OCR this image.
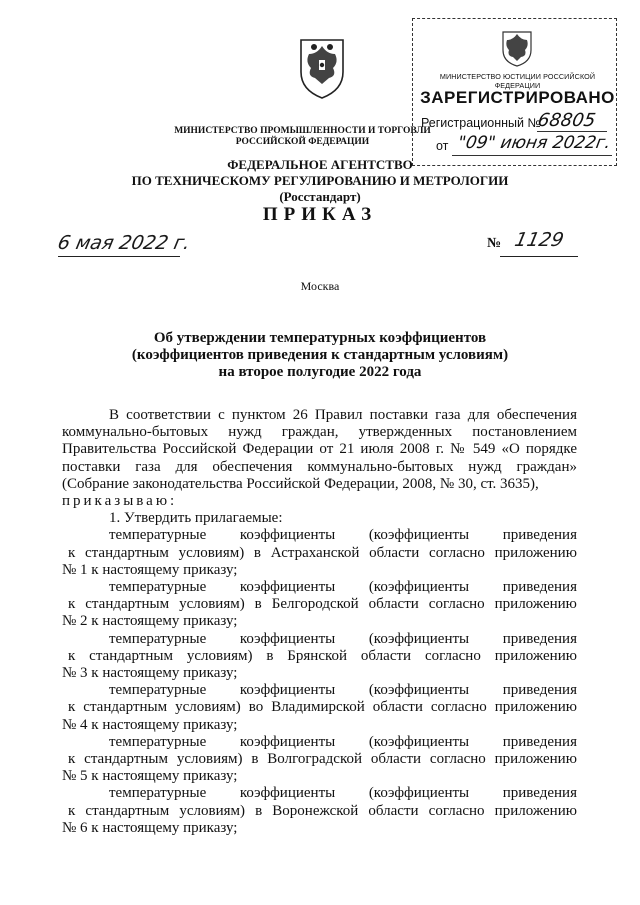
МИНИСТЕРСТВО ПРОМЫШЛЕННОСТИ И ТОРГОВЛИ
РОССИЙСКОЙ ФЕДЕРАЦИИ
ФЕДЕРАЛЬНОЕ АГЕНТСТВО
ПО ТЕХНИЧЕСКОМУ РЕГУЛИРОВАНИЮ И МЕТРОЛОГИИ
(Росстандарт)
ПРИКАЗ
6 мая 2022 г.	№ 1129
Москва
МИНИСТЕРСТВО ЮСТИЦИИ РОССИЙСКОЙ ФЕДЕРАЦИИ
ЗАРЕГИСТРИРОВАНО
Регистрационный №
68805
от "09" июня 2022г.
Об утверждении температурных коэффициентов
(коэффициентов приведения к стандартным условиям)
на второе полугодие 2022 года

В соответствии с пунктом 26 Правил поставки газа для обеспечения коммунально-бытовых нужд граждан, утвержденных постановлением Правительства Российской Федерации от 21 июля 2008 г. № 549 «О порядке поставки газа для обеспечения коммунально-бытовых нужд граждан» (Собрание законодательства Российской Федерации, 2008, № 30, ст. 3635),

приказываю:

1. Утвердить прилагаемые:

температурные коэффициенты (коэффициенты приведения
к стандартным условиям) в Астраханской области согласно приложению
№ 1 к настоящему приказу;
температурные коэффициенты (коэффициенты приведения
к стандартным условиям) в Белгородской области согласно приложению
№ 2 к настоящему приказу;
температурные коэффициенты (коэффициенты приведения
к стандартным условиям) в Брянской области согласно приложению
№ 3 к настоящему приказу;
температурные коэффициенты (коэффициенты приведения
к стандартным условиям) во Владимирской области согласно приложению
№ 4 к настоящему приказу;
температурные коэффициенты (коэффициенты приведения
к стандартным условиям) в Волгоградской области согласно приложению
№ 5 к настоящему приказу;
температурные коэффициенты (коэффициенты приведения
к стандартным условиям) в Воронежской области согласно приложению
№ 6 к настоящему приказу;
